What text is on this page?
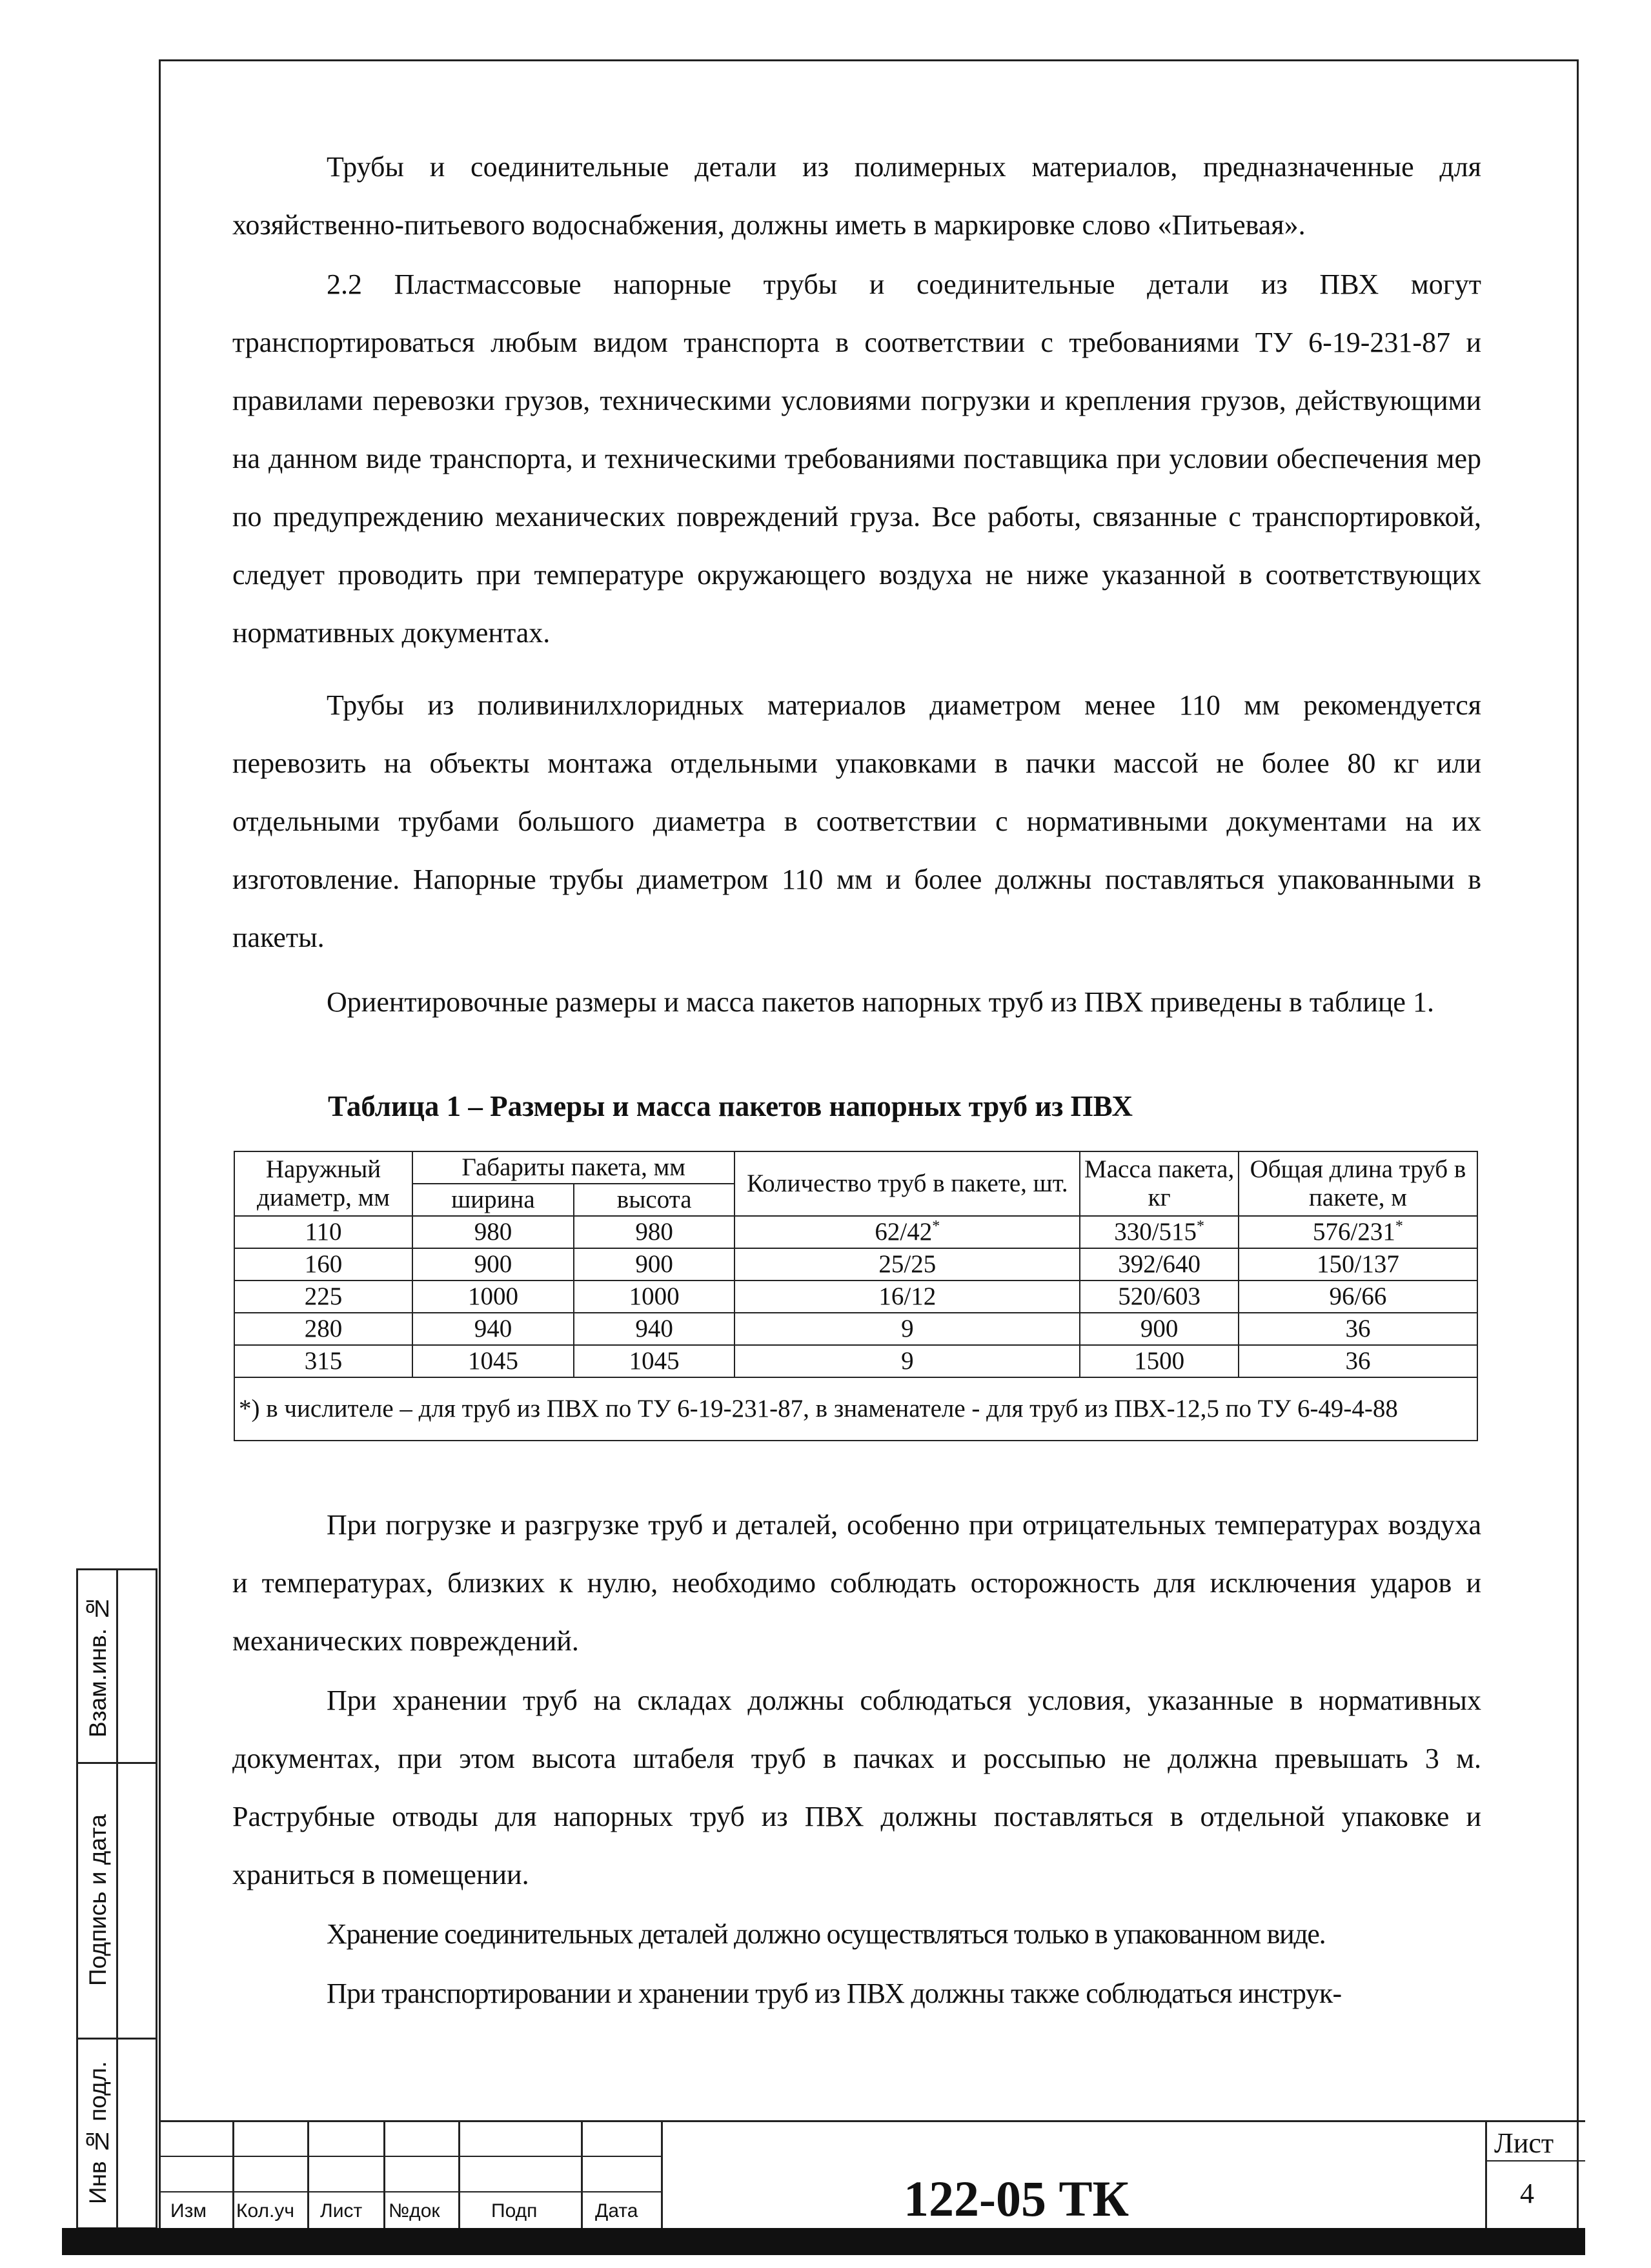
Трубы и соединительные детали из полимерных материалов, предназначенные для хозяйственно-питьевого водоснабжения, должны иметь в маркировке слово «Питьевая».

2.2 Пластмассовые напорные трубы и соединительные детали из ПВХ могут транспортироваться любым видом транспорта в соответствии с требованиями ТУ 6-19-231-87 и правилами перевозки грузов, техническими условиями погрузки и крепления грузов, действующими на данном виде транспорта, и техническими требованиями поставщика при условии обеспечения мер по предупреждению механических повреждений груза. Все работы, связанные с транспортировкой, следует проводить при температуре окружающего воздуха не ниже указанной в соответствующих нормативных документах.

Трубы из поливинилхлоридных материалов диаметром менее 110 мм рекомендуется перевозить на объекты монтажа отдельными упаковками в пачки массой не более 80 кг или отдельными трубами большого диаметра в соответствии с нормативными документами на их изготовление. Напорные трубы диаметром 110 мм и более должны поставляться упакованными в пакеты.

Ориентировочные размеры и масса пакетов напорных труб из ПВХ приведены в таблице 1.

Таблица 1 – Размеры и масса пакетов напорных труб из ПВХ
Наружный диаметр, мм	Габариты пакета, мм		Количество труб в пакете, шт.	Масса пакета, кг	Общая длина труб в пакете, м
	ширина	высота			
110	980	980	62/42*	330/515*	576/231*
160	900	900	25/25	392/640	150/137
225	1000	1000	16/12	520/603	96/66
280	940	940	9	900	36
315	1045	1045	9	1500	36
*) в числителе – для труб из ПВХ по ТУ 6-19-231-87, в знаменателе - для труб из ПВХ-12,5 по ТУ 6-49-4-88					

При погрузке и разгрузке труб и деталей, особенно при отрицательных температурах воздуха и температурах, близких к нулю, необходимо соблюдать осторожность для исключения ударов и механических повреждений.

При хранении труб на складах должны соблюдаться условия, указанные в нормативных документах, при этом высота штабеля труб в пачках и россыпью не должна превышать 3 м. Раструбные отводы для напорных труб из ПВХ должны поставляться в отдельной упаковке и храниться в помещении.

Хранение соединительных деталей должно осуществляться только в упакованном виде.

При транспортировании и хранении труб из ПВХ должны также соблюдаться инструк-

Взам.инв. №
Подпись и дата
Инв № подл.
Изм Кол.уч Лист №док	Подп	Дата	122-05 ТК
Лист
4
